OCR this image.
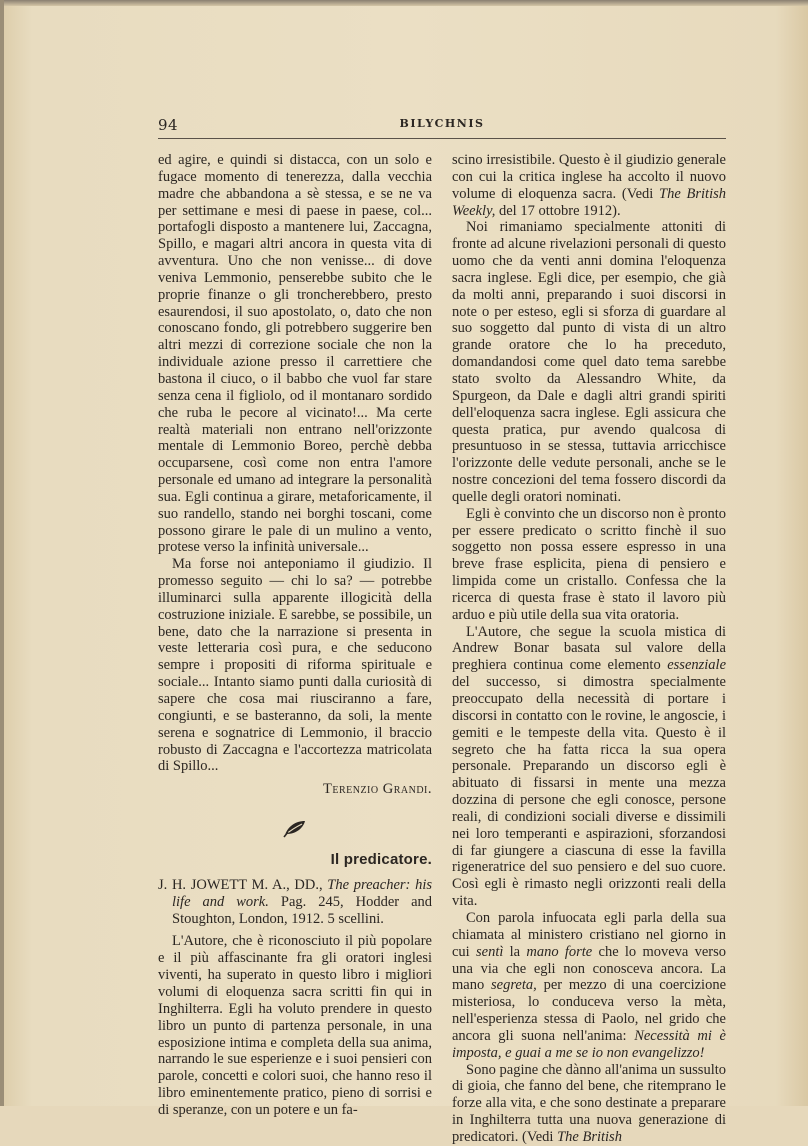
94	BILYCHNIS

ed agire, e quindi si distacca, con un solo e fugace momento di tenerezza, dalla vecchia madre che abbandona a sè stessa, e se ne va per settimane e mesi di paese in paese, col... portafogli disposto a mantenere lui, Zaccagna, Spillo, e magari altri ancora in questa vita di avventura. Uno che non venisse... di dove veniva Lemmonio, penserebbe subito che le proprie finanze o gli troncherebbero, presto esaurendosi, il suo apostolato, o, dato che non conoscano fondo, gli potrebbero suggerire ben altri mezzi di correzione sociale che non la individuale azione presso il carrettiere che bastona il ciuco, o il babbo che vuol far stare senza cena il figliolo, od il montanaro sordido che ruba le pecore al vicinato!... Ma certe realtà materiali non entrano nell'orizzonte mentale di Lemmonio Boreo, perchè debba occuparsene, così come non entra l'amore personale ed umano ad integrare la personalità sua. Egli continua a girare, metaforicamente, il suo randello, stando nei borghi toscani, come possono girare le pale di un mulino a vento, protese verso la infinità universale...

Ma forse noi anteponiamo il giudizio. Il promesso seguito — chi lo sa? — potrebbe illuminarci sulla apparente illogicità della costruzione iniziale. E sarebbe, se possibile, un bene, dato che la narrazione si presenta in veste letteraria così pura, e che seducono sempre i propositi di riforma spirituale e sociale... Intanto siamo punti dalla curiosità di sapere che cosa mai riusciranno a fare, congiunti, e se basteranno, da soli, la mente serena e sognatrice di Lemmonio, il braccio robusto di Zaccagna e l'accortezza matricolata di Spillo...

Terenzio Grandi.
Il predicatore.

J. H. JOWETT M. A., DD., The preacher: his life and work. Pag. 245, Hodder and Stoughton, London, 1912. 5 scellini.

L'Autore, che è riconosciuto il più popolare e il più affascinante fra gli oratori inglesi viventi, ha superato in questo libro i migliori volumi di eloquenza sacra scritti fin qui in Inghilterra. Egli ha voluto prendere in questo libro un punto di partenza personale, in una esposizione intima e completa della sua anima, narrando le sue esperienze e i suoi pensieri con parole, concetti e colori suoi, che hanno reso il libro eminentemente pratico, pieno di sorrisi e di speranze, con un potere e un fa-

scino irresistibile. Questo è il giudizio generale con cui la critica inglese ha accolto il nuovo volume di eloquenza sacra. (Vedi The British Weekly, del 17 ottobre 1912).

Noi rimaniamo specialmente attoniti di fronte ad alcune rivelazioni personali di questo uomo che da venti anni domina l'eloquenza sacra inglese. Egli dice, per esempio, che già da molti anni, preparando i suoi discorsi in note o per esteso, egli si sforza di guardare al suo soggetto dal punto di vista di un altro grande oratore che lo ha preceduto, domandandosi come quel dato tema sarebbe stato svolto da Alessandro White, da Spurgeon, da Dale e dagli altri grandi spiriti dell'eloquenza sacra inglese. Egli assicura che questa pratica, pur avendo qualcosa di presuntuoso in se stessa, tuttavia arricchisce l'orizzonte delle vedute personali, anche se le nostre concezioni del tema fossero discordi da quelle degli oratori nominati.

Egli è convinto che un discorso non è pronto per essere predicato o scritto finchè il suo soggetto non possa essere espresso in una breve frase esplicita, piena di pensiero e limpida come un cristallo. Confessa che la ricerca di questa frase è stato il lavoro più arduo e più utile della sua vita oratoria.

L'Autore, che segue la scuola mistica di Andrew Bonar basata sul valore della preghiera continua come elemento essenziale del successo, si dimostra specialmente preoccupato della necessità di portare i discorsi in contatto con le rovine, le angoscie, i gemiti e le tempeste della vita. Questo è il segreto che ha fatta ricca la sua opera personale. Preparando un discorso egli è abituato di fissarsi in mente una mezza dozzina di persone che egli conosce, persone reali, di condizioni sociali diverse e dissimili nei loro temperanti e aspirazioni, sforzandosi di far giungere a ciascuna di esse la favilla rigeneratrice del suo pensiero e del suo cuore. Così egli è rimasto negli orizzonti reali della vita.

Con parola infuocata egli parla della sua chiamata al ministero cristiano nel giorno in cui sentì la mano forte che lo moveva verso una via che egli non conosceva ancora. La mano segreta, per mezzo di una coercizione misteriosa, lo conduceva verso la mèta, nell'esperienza stessa di Paolo, nel grido che ancora gli suona nell'anima: Necessità mi è imposta, e guai a me se io non evangelizzo!

Sono pagine che dànno all'anima un sussulto di gioia, che fanno del bene, che ritemprano le forze alla vita, e che sono destinate a preparare in Inghilterra tutta una nuova generazione di predicatori. (Vedi The British
